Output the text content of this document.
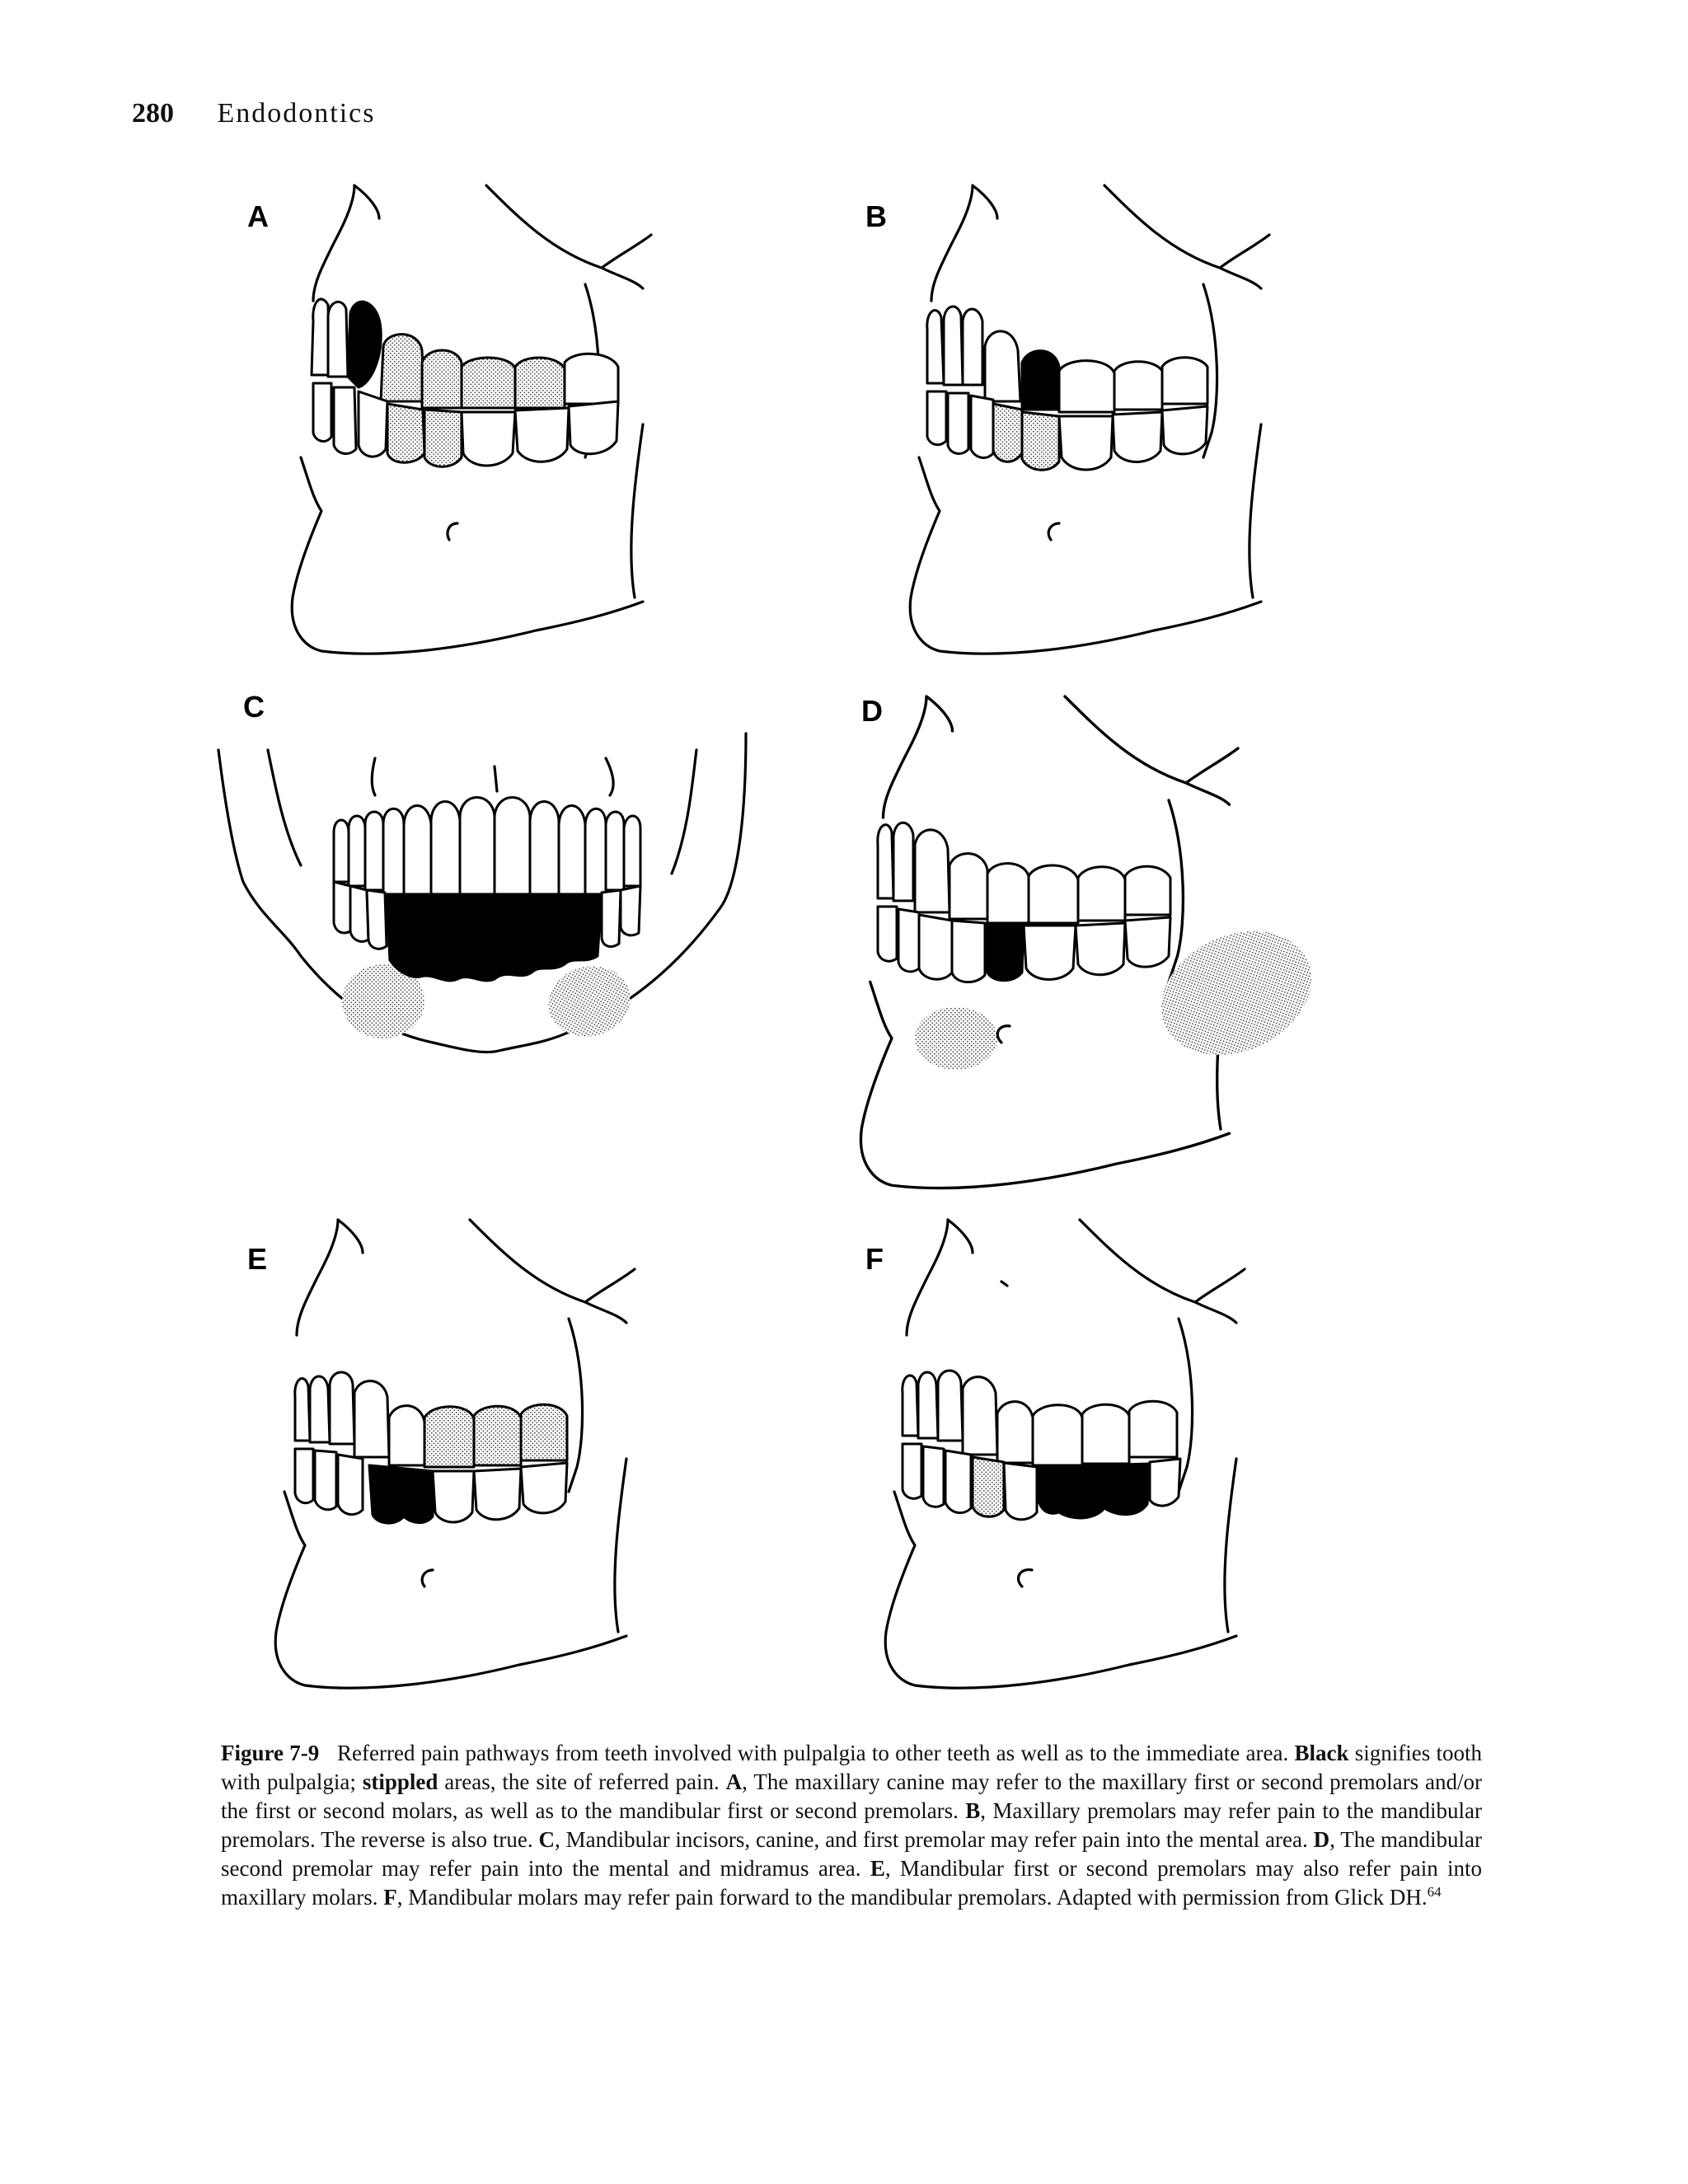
280 Endodontics
A	B
C	D
E	F

Figure 7-9 Referred pain pathways from teeth involved with pulpalgia to other teeth as well as to the immediate area. Black signifies tooth with pulpalgia; stippled areas, the site of referred pain. A, The maxillary canine may refer to the maxillary first or second premolars and/or the first or second molars, as well as to the mandibular first or second premolars. B, Maxillary premolars may refer pain to the mandibular premolars. The reverse is also true. C, Mandibular incisors, canine, and first premolar may refer pain into the mental area. D, The mandibular second premolar may refer pain into the mental and midramus area. E, Mandibular first or second premolars may also refer pain into maxillary molars. F, Mandibular molars may refer pain forward to the mandibular premolars. Adapted with permission from Glick DH.$^{64}$
